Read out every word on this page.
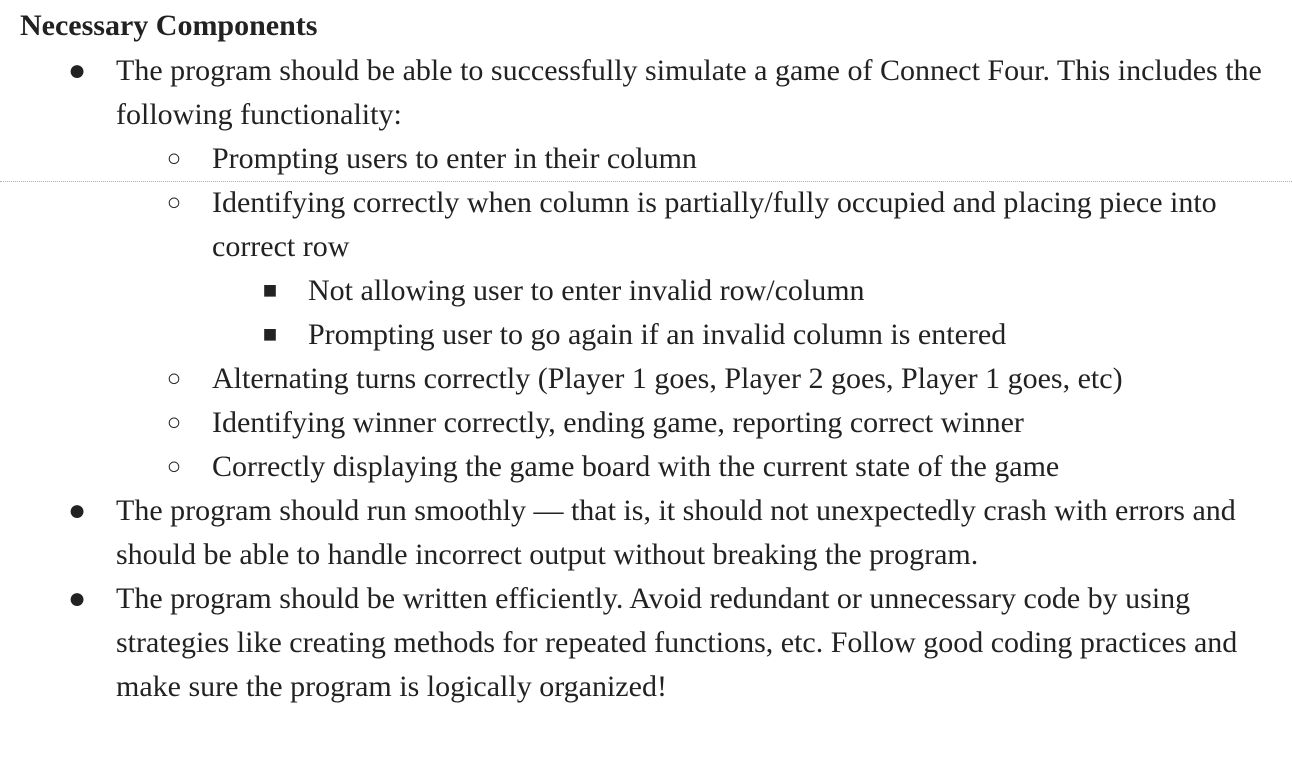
Necessary Components
● The program should be able to successfully simulate a game of Connect Four. This includes the following functionality:
○ Prompting users to enter in their column
○ Identifying correctly when column is partially/fully occupied and placing piece into correct row
■ Not allowing user to enter invalid row/column
■ Prompting user to go again if an invalid column is entered
○ Alternating turns correctly (Player 1 goes, Player 2 goes, Player 1 goes, etc)
○ Identifying winner correctly, ending game, reporting correct winner
○ Correctly displaying the game board with the current state of the game
● The program should run smoothly — that is, it should not unexpectedly crash with errors and should be able to handle incorrect output without breaking the program.
● The program should be written efficiently. Avoid redundant or unnecessary code by using strategies like creating methods for repeated functions, etc. Follow good coding practices and make sure the program is logically organized!
